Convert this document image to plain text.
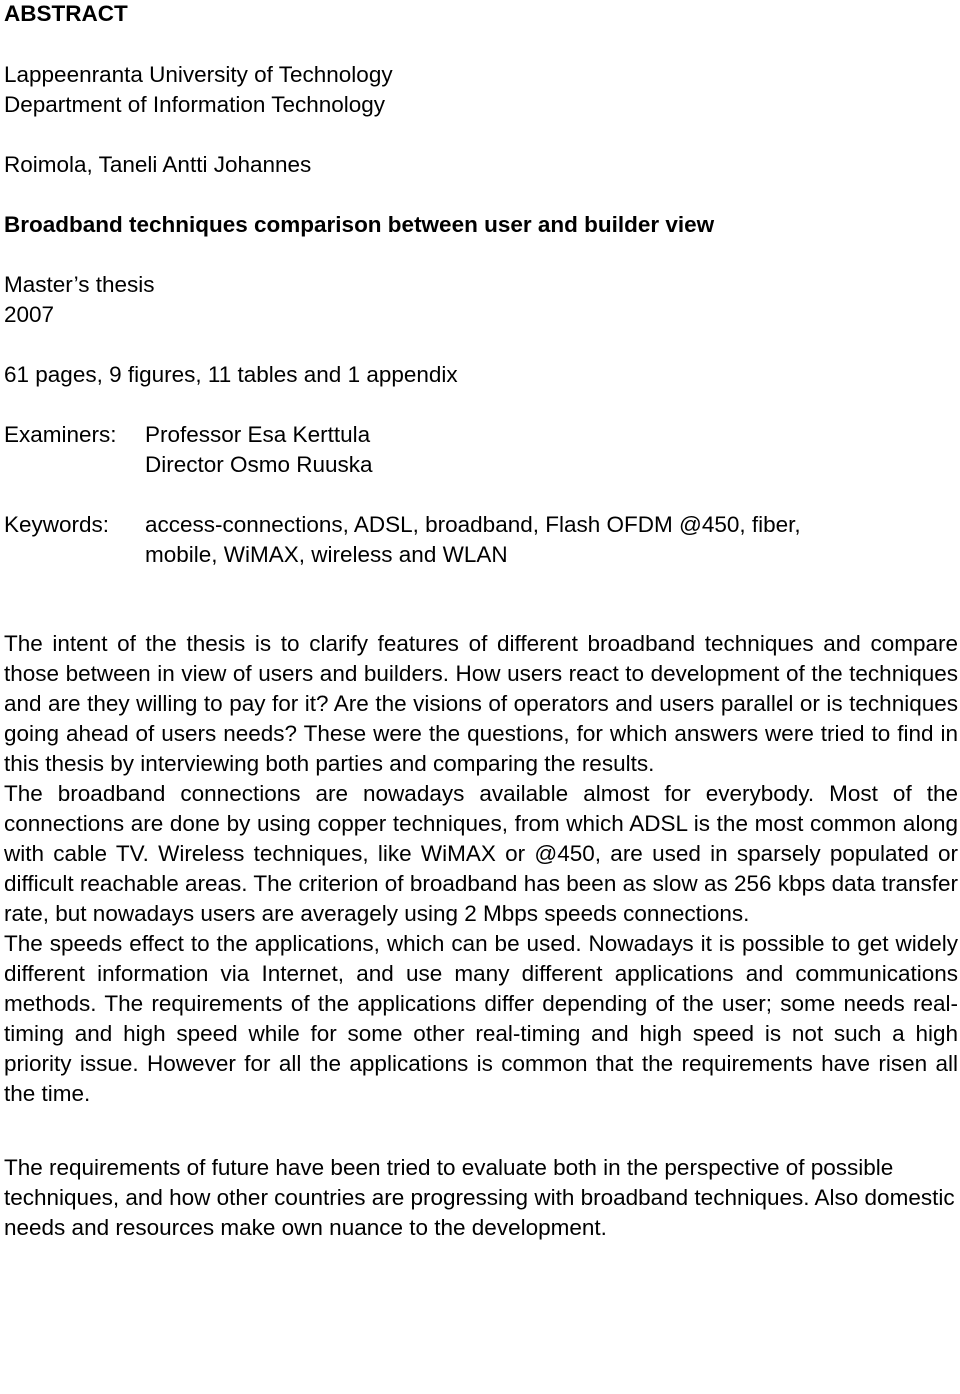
ABSTRACT

Lappeenranta University of Technology

Department of Information Technology

Roimola, Taneli Antti Johannes

Broadband techniques comparison between user and builder view

Master’s thesis

2007

61 pages, 9 figures, 11 tables and 1 appendix

Examiners:	Professor Esa Kerttula
Director Osmo Ruuska
Keywords:	access-connections, ADSL, broadband, Flash OFDM @450, fiber,
mobile, WiMAX, wireless and WLAN

The intent of the thesis is to clarify features of different broadband techniques and compare those between in view of users and builders. How users react to development of the techniques and are they willing to pay for it? Are the visions of operators and users parallel or is techniques going ahead of users needs? These were the questions, for which answers were tried to find in this thesis by interviewing both parties and comparing the results.

The broadband connections are nowadays available almost for everybody. Most of the connections are done by using copper techniques, from which ADSL is the most common along with cable TV. Wireless techniques, like WiMAX or @450, are used in sparsely populated or difficult reachable areas. The criterion of broadband has been as slow as 256 kbps data transfer rate, but nowadays users are averagely using 2 Mbps speeds connections.

The speeds effect to the applications, which can be used. Nowadays it is possible to get widely different information via Internet, and use many different applications and communications methods. The requirements of the applications differ depending of the user; some needs real-timing and high speed while for some other real-timing and high speed is not such a high priority issue. However for all the applications is common that the requirements have risen all the time.

The requirements of future have been tried to evaluate both in the perspective of possible techniques, and how other countries are progressing with broadband techniques. Also domestic needs and resources make own nuance to the development.
